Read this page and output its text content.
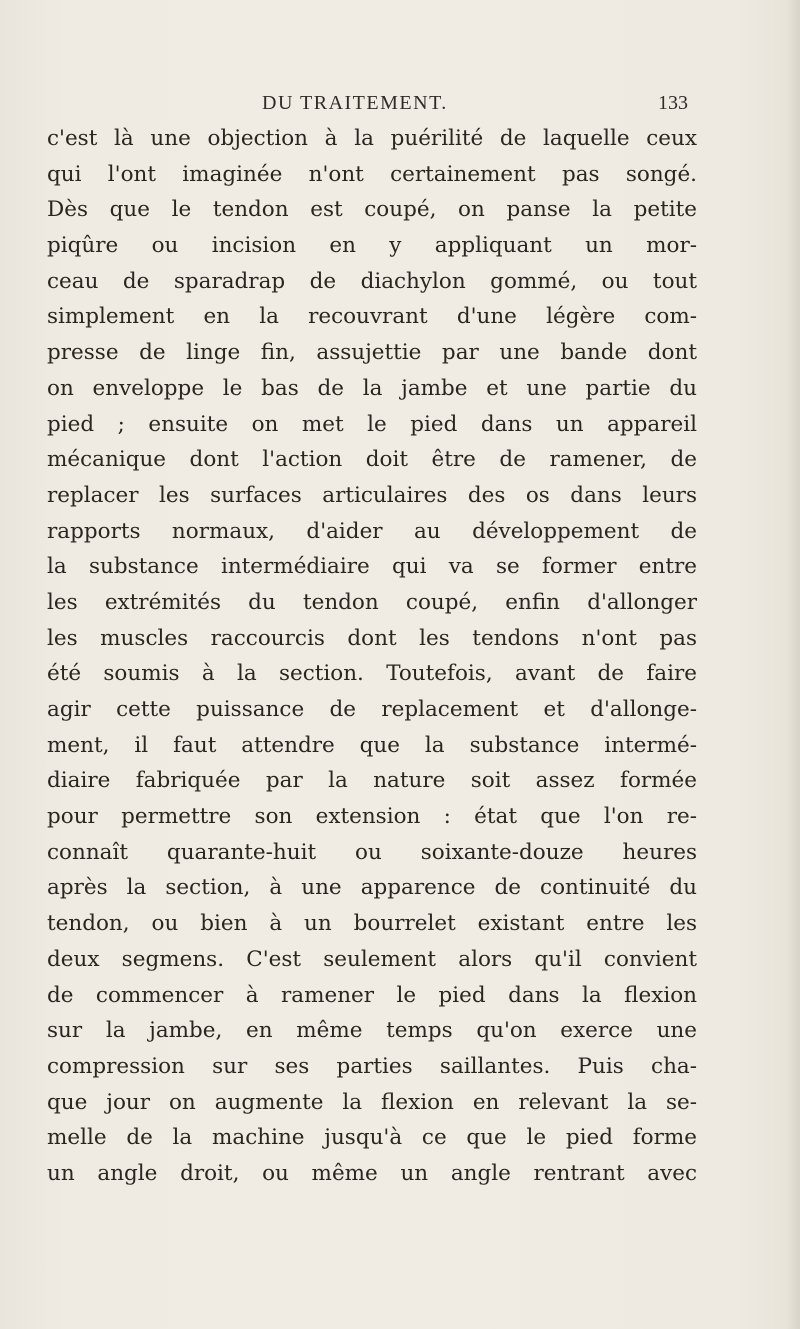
DU TRAITEMENT.	133
c'est là une objection à la puérilité de laquelle ceux
qui l'ont imaginée n'ont certainement pas songé.
Dès que le tendon est coupé, on panse la petite
piqûre ou incision en y appliquant un mor-
ceau de sparadrap de diachylon gommé, ou tout
simplement en la recouvrant d'une légère com-
presse de linge fin, assujettie par une bande dont
on enveloppe le bas de la jambe et une partie du
pied ; ensuite on met le pied dans un appareil
mécanique dont l'action doit être de ramener, de
replacer les surfaces articulaires des os dans leurs
rapports normaux, d'aider au développement de
la substance intermédiaire qui va se former entre
les extrémités du tendon coupé, enfin d'allonger
les muscles raccourcis dont les tendons n'ont pas
été soumis à la section. Toutefois, avant de faire
agir cette puissance de replacement et d'allonge-
ment, il faut attendre que la substance intermé-
diaire fabriquée par la nature soit assez formée
pour permettre son extension : état que l'on re-
connaît quarante-huit ou soixante-douze heures
après la section, à une apparence de continuité du
tendon, ou bien à un bourrelet existant entre les
deux segmens. C'est seulement alors qu'il convient
de commencer à ramener le pied dans la flexion
sur la jambe, en même temps qu'on exerce une
compression sur ses parties saillantes. Puis cha-
que jour on augmente la flexion en relevant la se-
melle de la machine jusqu'à ce que le pied forme
un angle droit, ou même un angle rentrant avec
